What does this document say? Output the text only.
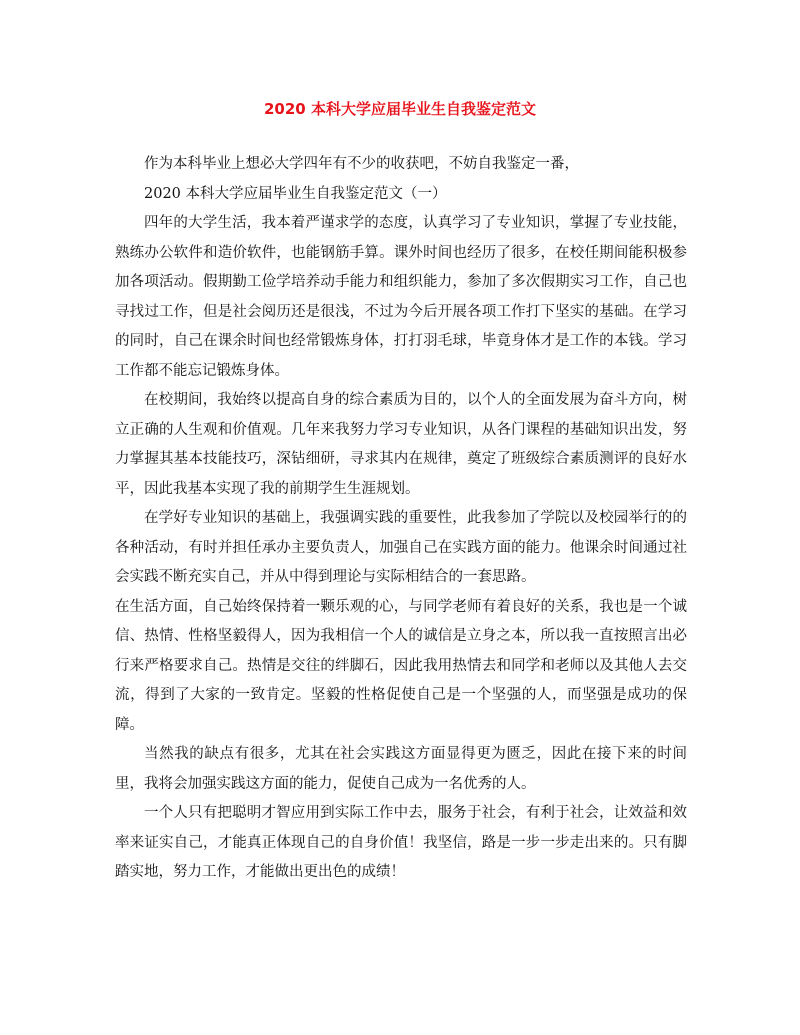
2020 本科大学应届毕业生自我鉴定范文

作为本科毕业上想必大学四年有不少的收获吧，不妨自我鉴定一番，

2020 本科大学应届毕业生自我鉴定范文（一）

四年的大学生活，我本着严谨求学的态度，认真学习了专业知识，掌握了专业技能，熟练办公软件和造价软件，也能钢筋手算。课外时间也经历了很多，在校任期间能积极参加各项活动。假期勤工俭学培养动手能力和组织能力，参加了多次假期实习工作，自己也寻找过工作，但是社会阅历还是很浅，不过为今后开展各项工作打下坚实的基础。在学习的同时，自己在课余时间也经常锻炼身体，打打羽毛球，毕竟身体才是工作的本钱。学习工作都不能忘记锻炼身体。

在校期间，我始终以提高自身的综合素质为目的，以个人的全面发展为奋斗方向，树立正确的人生观和价值观。几年来我努力学习专业知识，从各门课程的基础知识出发，努力掌握其基本技能技巧，深钻细研，寻求其内在规律，奠定了班级综合素质测评的良好水平，因此我基本实现了我的前期学生生涯规划。

在学好专业知识的基础上，我强调实践的重要性，此我参加了学院以及校园举行的的各种活动，有时并担任承办主要负责人，加强自己在实践方面的能力。他课余时间通过社会实践不断充实自己，并从中得到理论与实际相结合的一套思路。

在生活方面，自己始终保持着一颗乐观的心，与同学老师有着良好的关系，我也是一个诚信、热情、性格坚毅得人，因为我相信一个人的诚信是立身之本，所以我一直按照言出必行来严格要求自己。热情是交往的绊脚石，因此我用热情去和同学和老师以及其他人去交流，得到了大家的一致肯定。坚毅的性格促使自己是一个坚强的人，而坚强是成功的保障。

当然我的缺点有很多，尤其在社会实践这方面显得更为匮乏，因此在接下来的时间里，我将会加强实践这方面的能力，促使自己成为一名优秀的人。

一个人只有把聪明才智应用到实际工作中去，服务于社会，有利于社会，让效益和效率来证实自己，才能真正体现自己的自身价值！我坚信，路是一步一步走出来的。只有脚踏实地，努力工作，才能做出更出色的成绩！
